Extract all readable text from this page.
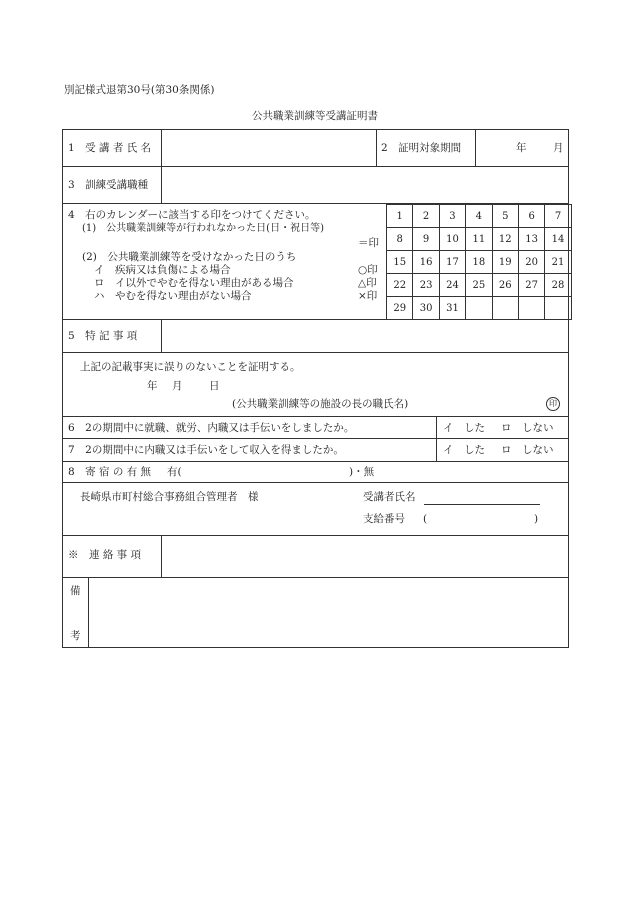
別記様式退第30号(第30条関係)
公共職業訓練等受講証明書
1　受 講 者 氏 名	2　証明対象期間	年	月
3　訓練受講職種
4　右のカレンダーに該当する印をつけてください。
(1)　公共職業訓練等が行われなかった日(日・祝日等)
＝印
(2)　公共職業訓練等を受けなかった日のうち
イ　疾病又は負傷による場合	○印
ロ　イ以外でやむを得ない理由がある場合	△印
ハ　やむを得ない理由がない場合	×印
1	2	3	4	5	6	7
8	9	10	11	12	13	14
15	16	17	18	19	20	21
22	23	24	25	26	27	28
29	30	31				
5　特 記 事 項
上記の記載事実に誤りのないことを証明する。
年 月	日
(公共職業訓練等の施設の長の職氏名)	印
6　2の期間中に就職、就労、内職又は手伝いをしましたか。	イ　した ロ　しない
7　2の期間中に内職又は手伝いをして収入を得ましたか。	イ　した ロ　しない
8　寄 宿 の 有 無 有(	)・無
長崎県市町村総合事務組合管理者　様	受講者氏名
支給番号 (	)
※　連 絡 事 項
備
考
